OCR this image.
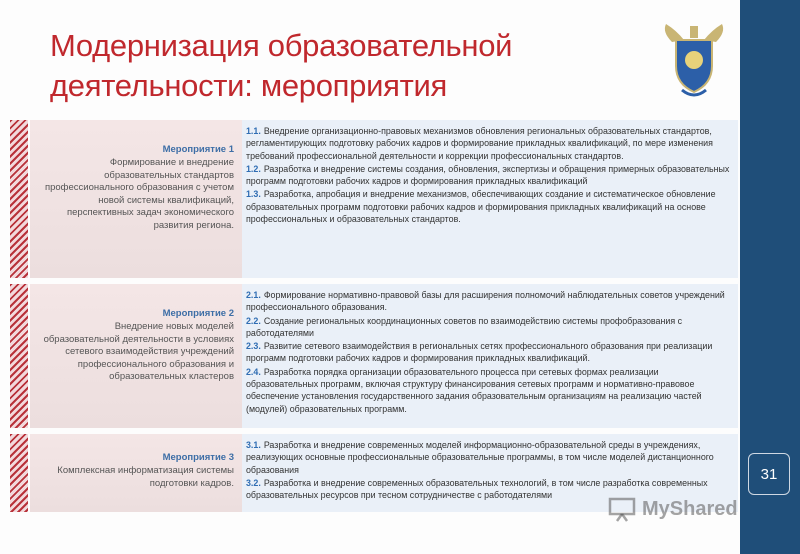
Модернизация образовательной
деятельности: мероприятия
Мероприятие 1
Формирование и внедрение образовательных стандартов профессионального образования с учетом новой системы квалификаций, перспективных задач экономического развития региона.
1.1. Внедрение организационно-правовых механизмов обновления региональных образовательных стандартов, регламентирующих подготовку рабочих кадров и формирование прикладных квалификаций, по мере изменения требований профессиональной деятельности и коррекции профессиональных стандартов.
1.2. Разработка и внедрение системы создания, обновления, экспертизы и обращения примерных образовательных программ подготовки рабочих кадров и формирования прикладных квалификаций
1.3. Разработка, апробация и внедрение механизмов, обеспечивающих создание и систематическое обновление образовательных программ подготовки рабочих кадров и формирования прикладных квалификаций на основе профессиональных и образовательных стандартов.
Мероприятие 2
Внедрение новых моделей образовательной деятельности в условиях сетевого взаимодействия учреждений профессионального образования и образовательных кластеров
2.1. Формирование нормативно-правовой базы для расширения полномочий наблюдательных советов учреждений профессионального образования.
2.2. Создание региональных координационных советов по взаимодействию системы профобразования с работодателями
2.3. Развитие сетевого взаимодействия в региональных сетях профессионального образования при реализации программ подготовки рабочих кадров и формирования прикладных квалификаций.
2.4. Разработка порядка организации образовательного процесса при сетевых формах реализации образовательных программ, включая структуру финансирования сетевых программ и нормативно-правовое обеспечение установления государственного задания образовательным организациям на реализацию частей (модулей) образовательных программ.
Мероприятие 3
Комплексная информатизация системы подготовки кадров.
3.1. Разработка и внедрение современных моделей информационно-образовательной среды в учреждениях, реализующих основные профессиональные образовательные программы, в том числе моделей дистанционного образования
3.2. Разработка и внедрение современных образовательных технологий, в том числе разработка современных образовательных ресурсов при тесном сотрудничестве с работодателями
31
MyShared
